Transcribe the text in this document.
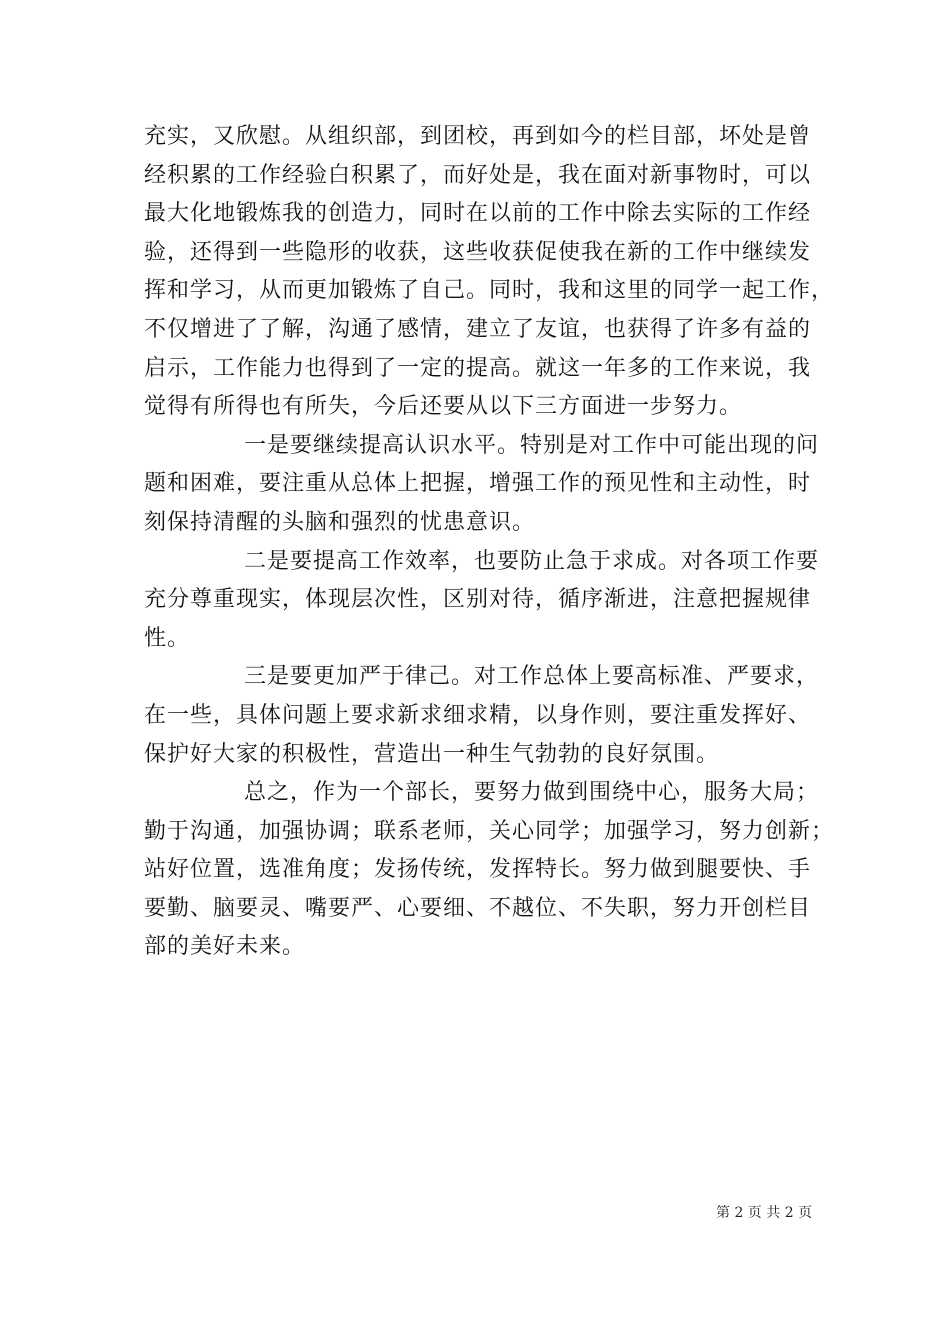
充实，又欣慰。从组织部，到团校，再到如今的栏目部，坏处是曾
经积累的工作经验白积累了，而好处是，我在面对新事物时，可以
最大化地锻炼我的创造力，同时在以前的工作中除去实际的工作经
验，还得到一些隐形的收获，这些收获促使我在新的工作中继续发
挥和学习，从而更加锻炼了自己。同时，我和这里的同学一起工作，
不仅增进了了解，沟通了感情，建立了友谊，也获得了许多有益的
启示，工作能力也得到了一定的提高。就这一年多的工作来说，我
觉得有所得也有所失，今后还要从以下三方面进一步努力。
一是要继续提高认识水平。特别是对工作中可能出现的问
题和困难，要注重从总体上把握，增强工作的预见性和主动性，时
刻保持清醒的头脑和强烈的忧患意识。
二是要提高工作效率，也要防止急于求成。对各项工作要
充分尊重现实，体现层次性，区别对待，循序渐进，注意把握规律
性。
三是要更加严于律己。对工作总体上要高标准、严要求，
在一些，具体问题上要求新求细求精，以身作则，要注重发挥好、
保护好大家的积极性，营造出一种生气勃勃的良好氛围。
总之，作为一个部长，要努力做到围绕中心，服务大局；
勤于沟通，加强协调；联系老师，关心同学；加强学习，努力创新；
站好位置，选准角度；发扬传统，发挥特长。努力做到腿要快、手
要勤、脑要灵、嘴要严、心要细、不越位、不失职，努力开创栏目
部的美好未来。
第 2 页 共 2 页
